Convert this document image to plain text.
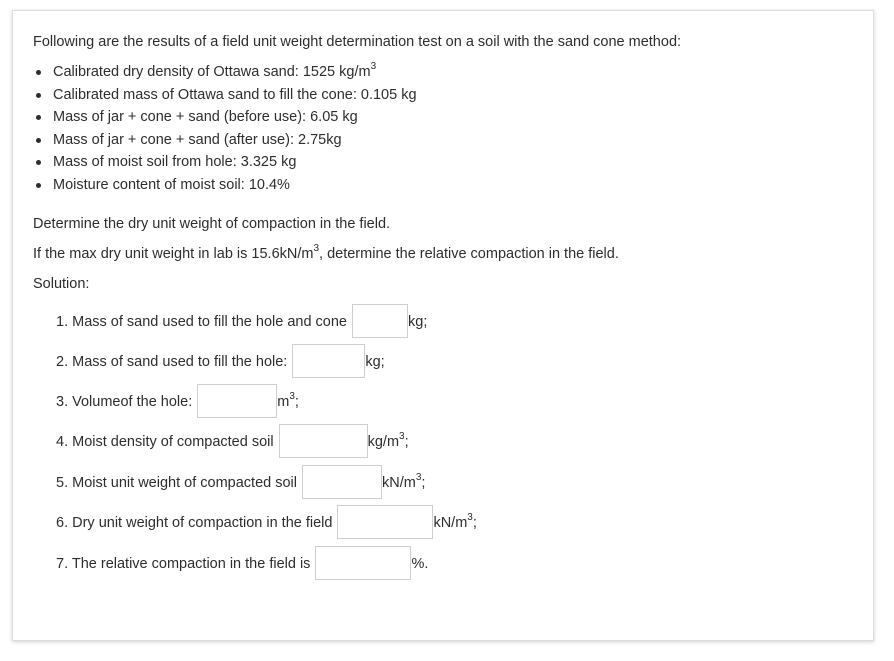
Following are the results of a field unit weight determination test on a soil with the sand cone method:
Calibrated dry density of Ottawa sand: 1525 $kg/m^3$
Calibrated mass of Ottawa sand to fill the cone: 0.105 kg
Mass of jar + cone + sand (before use): 6.05 kg
Mass of jar + cone + sand (after use): 2.75kg
Mass of moist soil from hole: 3.325 kg
Moisture content of moist soil: 10.4%
Determine the dry unit weight of compaction in the field.
If the max dry unit weight in lab is $15.6kN/m^3$, determine the relative compaction in the field.
Solution:
1. Mass of sand used to fill the hole and cone	kg;
2. Mass of sand used to fill the hole:	kg;
3. Volumeof the hole:	$m^3$;
4. Moist density of compacted soil	$kg/m^3$;
5. Moist unit weight of compacted soil	$kN/m^3$;
6. Dry unit weight of compaction in the field	$kN/m^3$;
7. The relative compaction in the field is	%.
